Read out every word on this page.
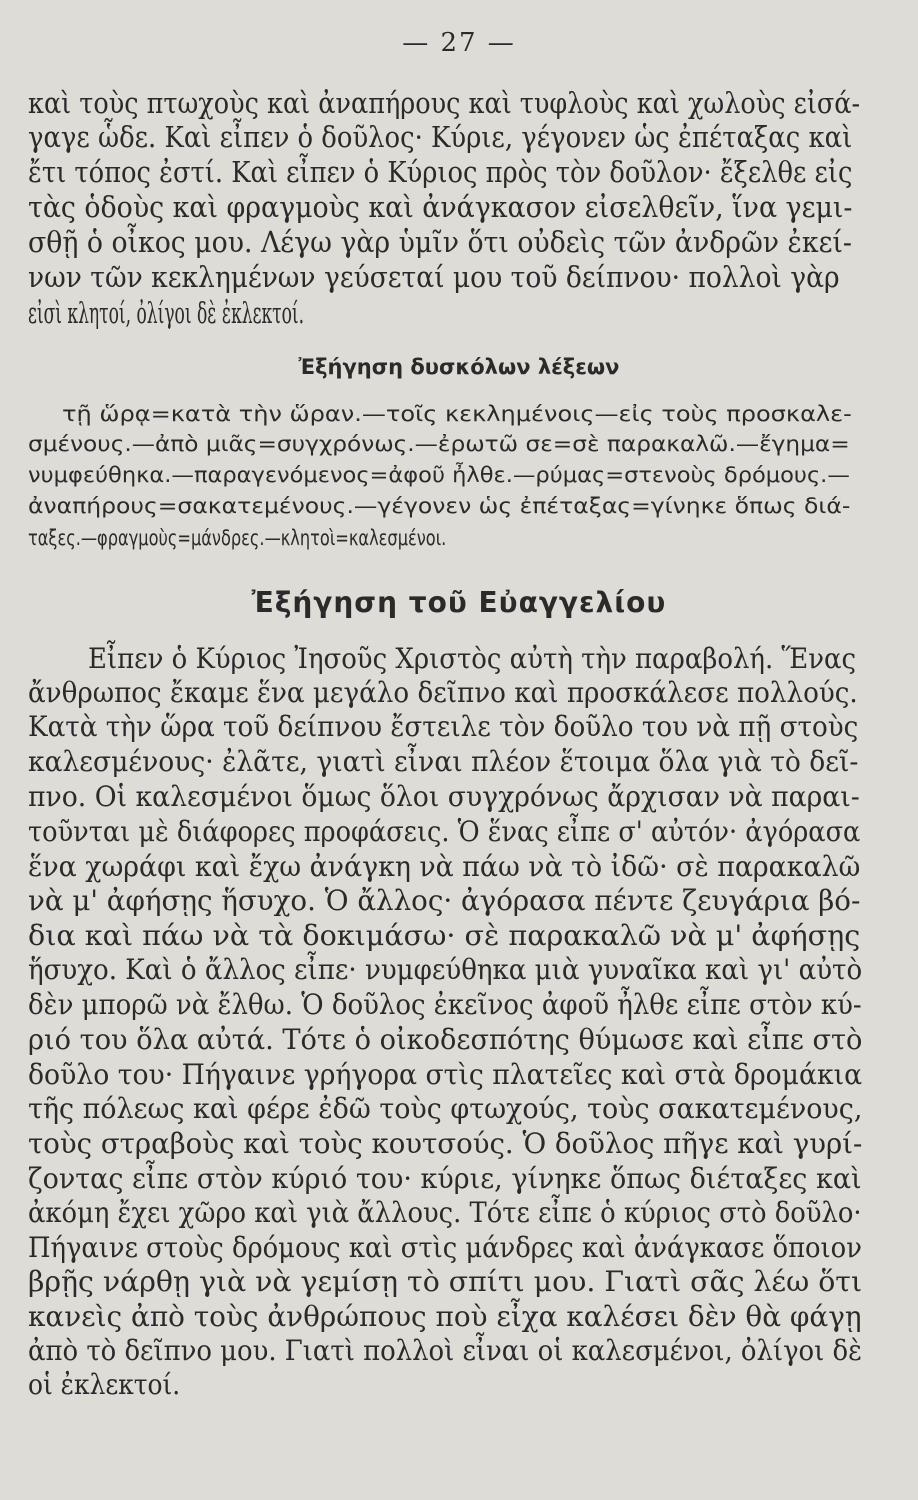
— 27 —
καὶ τοὺς πτωχοὺς καὶ ἀναπήρους καὶ τυφλοὺς καὶ χωλοὺς εἰσά-
γαγε ὧδε. Καὶ εἶπεν ὁ δοῦλος· Κύριε, γέγονεν ὡς ἐπέταξας καὶ
ἔτι τόπος ἐστί. Καὶ εἶπεν ὁ Κύριος πρὸς τὸν δοῦλον· ἔξελθε εἰς
τὰς ὁδοὺς καὶ φραγμοὺς καὶ ἀνάγκασον εἰσελθεῖν, ἵνα γεμι-
σθῇ ὁ οἶκος μου. Λέγω γὰρ ὑμῖν ὅτι οὐδεὶς τῶν ἀνδρῶν ἐκεί-
νων τῶν κεκλημένων γεύσεταί μου τοῦ δείπνου· πολλοὶ γὰρ
εἰσὶ κλητοί, ὀλίγοι δὲ ἐκλεκτοί.
Ἐξήγηση δυσκόλων λέξεων
τῇ ὥρᾳ=κατὰ τὴν ὥραν.—τοῖς κεκλημένοις—εἰς τοὺς προσκαλε-
σμένους.—ἀπὸ μιᾶς=συγχρόνως.—ἐρωτῶ σε=σὲ παρακαλῶ.—ἔγημα=
νυμφεύθηκα.—παραγενόμενος=ἀφοῦ ἦλθε.—ρύμας=στενοὺς δρόμους.—
ἀναπήρους=σακατεμένους.—γέγονεν ὡς ἐπέταξας=γίνηκε ὅπως διά-
ταξες.—φραγμοὺς=μάνδρες.—κλητοὶ=καλεσμένοι.
Ἐξήγηση τοῦ Εὐαγγελίου
Εἶπεν ὁ Κύριος Ἰησοῦς Χριστὸς αὐτὴ τὴν παραβολή. Ἕνας
ἄνθρωπος ἔκαμε ἕνα μεγάλο δεῖπνο καὶ προσκάλεσε πολλούς.
Κατὰ τὴν ὥρα τοῦ δείπνου ἔστειλε τὸν δοῦλο του νὰ πῇ στοὺς
καλεσμένους· ἐλᾶτε, γιατὶ εἶναι πλέον ἕτοιμα ὅλα γιὰ τὸ δεῖ-
πνο. Οἱ καλεσμένοι ὅμως ὅλοι συγχρόνως ἄρχισαν νὰ παραι-
τοῦνται μὲ διάφορες προφάσεις. Ὁ ἕνας εἶπε σ' αὐτόν· ἀγόρασα
ἕνα χωράφι καὶ ἔχω ἀνάγκη νὰ πάω νὰ τὸ ἰδῶ· σὲ παρακαλῶ
νὰ μ' ἀφήσῃς ἥσυχο. Ὁ ἄλλος· ἀγόρασα πέντε ζευγάρια βό-
δια καὶ πάω νὰ τὰ δοκιμάσω· σὲ παρακαλῶ νὰ μ' ἀφήσῃς
ἥσυχο. Καὶ ὁ ἄλλος εἶπε· νυμφεύθηκα μιὰ γυναῖκα καὶ γι' αὐτὸ
δὲν μπορῶ νὰ ἔλθω. Ὁ δοῦλος ἐκεῖνος ἀφοῦ ἦλθε εἶπε στὸν κύ-
ριό του ὅλα αὐτά. Τότε ὁ οἰκοδεσπότης θύμωσε καὶ εἶπε στὸ
δοῦλο του· Πήγαινε γρήγορα στὶς πλατεῖες καὶ στὰ δρομάκια
τῆς πόλεως καὶ φέρε ἐδῶ τοὺς φτωχούς, τοὺς σακατεμένους,
τοὺς στραβοὺς καὶ τοὺς κουτσούς. Ὁ δοῦλος πῆγε καὶ γυρί-
ζοντας εἶπε στὸν κύριό του· κύριε, γίνηκε ὅπως διέταξες καὶ
ἀκόμη ἔχει χῶρο καὶ γιὰ ἄλλους. Τότε εἶπε ὁ κύριος στὸ δοῦλο·
Πήγαινε στοὺς δρόμους καὶ στὶς μάνδρες καὶ ἀνάγκασε ὅποιον
βρῇς νάρθῃ γιὰ νὰ γεμίσῃ τὸ σπίτι μου. Γιατὶ σᾶς λέω ὅτι
κανεὶς ἀπὸ τοὺς ἀνθρώπους ποὺ εἶχα καλέσει δὲν θὰ φάγῃ
ἀπὸ τὸ δεῖπνο μου. Γιατὶ πολλοὶ εἶναι οἱ καλεσμένοι, ὀλίγοι δὲ
οἱ ἐκλεκτοί.
